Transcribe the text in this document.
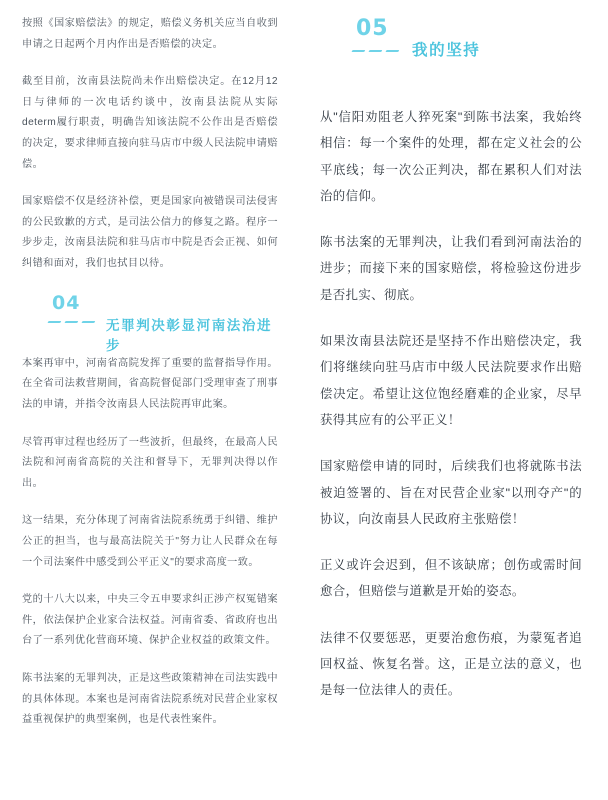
按照《国家赔偿法》的规定，赔偿义务机关应当自收到申请之日起两个月内作出是否赔偿的决定。

截至目前，汝南县法院尚未作出赔偿决定。在12月12日与律师的一次电话约谈中，汝南县法院从实际determ履行职责，明确告知该法院不公作出是否赔偿的决定，要求律师直接向驻马店市中级人民法院申请赔偿。

国家赔偿不仅是经济补偿，更是国家向被错误司法侵害的公民致歉的方式，是司法公信力的修复之路。程序一步步走，汝南县法院和驻马店市中院是否会正视、如何纠错和面对，我们也拭目以待。

04
无罪判决彰显河南法治进步

本案再审中，河南省高院发挥了重要的监督指导作用。在全省司法救营期间，省高院督促部门受理审查了刑事法的申请，并指令汝南县人民法院再审此案。

尽管再审过程也经历了一些波折，但最终，在最高人民法院和河南省高院的关注和督导下，无罪判决得以作出。

这一结果，充分体现了河南省法院系统勇于纠错、维护公正的担当，也与最高法院关于"努力让人民群众在每一个司法案件中感受到公平正义"的要求高度一致。

党的十八大以来，中央三令五申要求纠正涉产权冤错案件，依法保护企业家合法权益。河南省委、省政府也出台了一系列优化营商环境、保护企业权益的政策文件。

陈书法案的无罪判决，正是这些政策精神在司法实践中的具体体现。本案也是河南省法院系统对民营企业家权益重视保护的典型案例，也是代表性案件。

05
我的坚持

从"信阳劝阻老人猝死案"到陈书法案，我始终相信：每一个案件的处理，都在定义社会的公平底线；每一次公正判决，都在累积人们对法治的信仰。

陈书法案的无罪判决，让我们看到河南法治的进步；而接下来的国家赔偿，将检验这份进步是否扎实、彻底。

如果汝南县法院还是坚持不作出赔偿决定，我们将继续向驻马店市中级人民法院要求作出赔偿决定。希望让这位饱经磨难的企业家，尽早获得其应有的公平正义！

国家赔偿申请的同时，后续我们也将就陈书法被迫签署的、旨在对民营企业家"以刑夺产"的协议，向汝南县人民政府主张赔偿！

正义或许会迟到，但不该缺席；创伤或需时间愈合，但赔偿与道歉是开始的姿态。

法律不仅要惩恶，更要治愈伤痕，为蒙冤者追回权益、恢复名誉。这，正是立法的意义，也是每一位法律人的责任。
